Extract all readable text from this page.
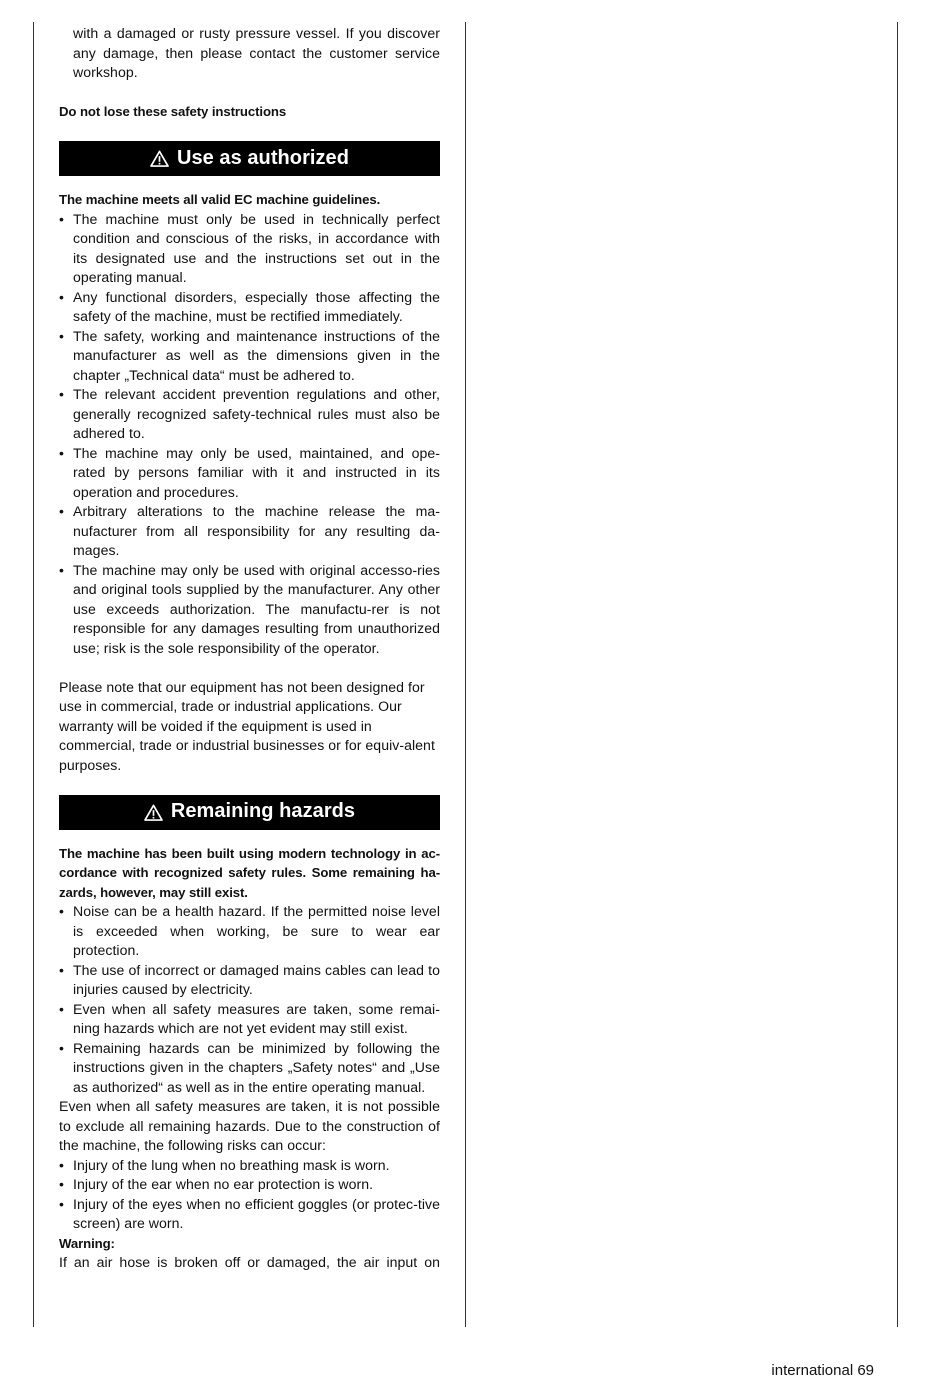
with a damaged or rusty pressure vessel. If you discover any damage, then please contact the customer service workshop.

Do not lose these safety instructions

Use as authorized

The machine meets all valid EC machine guidelines.

• The machine must only be used in technically perfect condition and conscious of the risks, in accordance with its designated use and the instructions set out in the operating manual.
• Any functional disorders, especially those affecting the safety of the machine, must be rectified immediately.
• The safety, working and maintenance instructions of the manufacturer as well as the dimensions given in the chapter „Technical data“ must be adhered to.
• The relevant accident prevention regulations and other, generally recognized safety-technical rules must also be adhered to.
• The machine may only be used, maintained, and ope-rated by persons familiar with it and instructed in its operation and procedures.
• Arbitrary alterations to the machine release the ma-nufacturer from all responsibility for any resulting da-mages.
• The machine may only be used with original accesso-ries and original tools supplied by the manufacturer. Any other use exceeds authorization. The manufactu-rer is not responsible for any damages resulting from unauthorized use; risk is the sole responsibility of the operator.

Please note that our equipment has not been designed for use in commercial, trade or industrial applications. Our warranty will be voided if the equipment is used in commercial, trade or industrial businesses or for equiv-alent purposes.

Remaining hazards

The machine has been built using modern technology in ac-cordance with recognized safety rules. Some remaining ha-zards, however, may still exist.

• Noise can be a health hazard. If the permitted noise level is exceeded when working, be sure to wear ear protection.
• The use of incorrect or damaged mains cables can lead to injuries caused by electricity.
• Even when all safety measures are taken, some remai-ning hazards which are not yet evident may still exist.
• Remaining hazards can be minimized by following the instructions given in the chapters „Safety notes“ and „Use as authorized“ as well as in the entire operating manual.

Even when all safety measures are taken, it is not possible to exclude all remaining hazards. Due to the construction of the machine, the following risks can occur:

• Injury of the lung when no breathing mask is worn.
• Injury of the ear when no ear protection is worn.
• Injury of the eyes when no efficient goggles (or protec-tive screen) are worn.

Warning:

If an air hose is broken off or damaged, the air input on

international 69
